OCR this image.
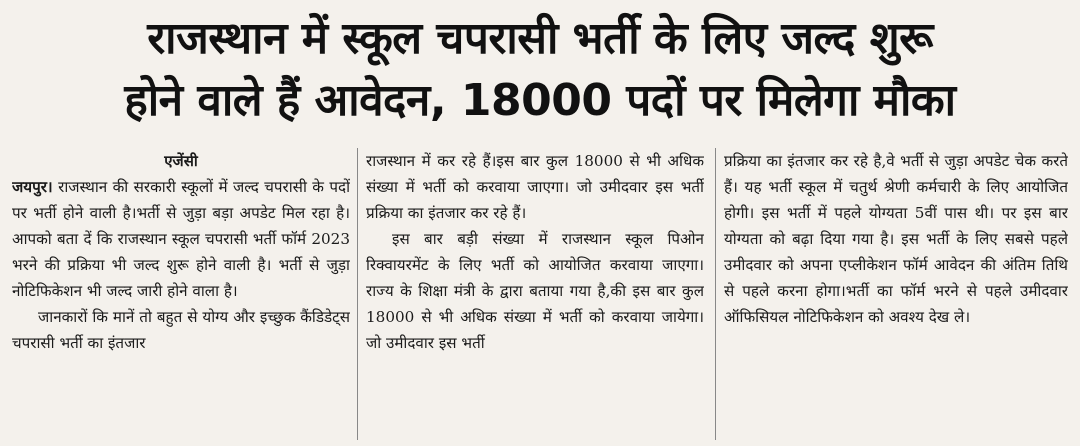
राजस्थान में स्कूल चपरासी भर्ती के लिए जल्द शुरू
होने वाले हैं आवेदन, 18000 पदों पर मिलेगा मौका

एजेंसी

जयपुर। राजस्थान की सरकारी स्कूलों में जल्द चपरासी के पदों पर भर्ती होने वाली है।भर्ती से जुड़ा बड़ा अपडेट मिल रहा है। आपको बता दें कि राजस्थान स्कूल चपरासी भर्ती फॉर्म 2023 भरने की प्रक्रिया भी जल्द शुरू होने वाली है। भर्ती से जुड़ा नोटिफिकेशन भी जल्द जारी होने वाला है।

जानकारों कि मानें तो बहुत से योग्य और इच्छुक कैंडिडेट्स चपरासी भर्ती का इंतजार

राजस्थान में कर रहे हैं।इस बार कुल 18000 से भी अधिक संख्या में भर्ती को करवाया जाएगा। जो उमीदवार इस भर्ती प्रक्रिया का इंतजार कर रहे हैं।

इस बार बड़ी संख्या में राजस्थान स्कूल पिओन रिक्वायरमेंट के लिए भर्ती को आयोजित करवाया जाएगा। राज्य के शिक्षा मंत्री के द्वारा बताया गया है,की इस बार कुल 18000 से भी अधिक संख्या में भर्ती को करवाया जायेगा। जो उमीदवार इस भर्ती

प्रक्रिया का इंतजार कर रहे है,वे भर्ती से जुड़ा अपडेट चेक करते हैं। यह भर्ती स्कूल में चतुर्थ श्रेणी कर्मचारी के लिए आयोजित होगी। इस भर्ती में पहले योग्यता 5वीं पास थी। पर इस बार योग्यता को बढ़ा दिया गया है। इस भर्ती के लिए सबसे पहले उमीदवार को अपना एप्लीकेशन फॉर्म आवेदन की अंतिम तिथि से पहले करना होगा।भर्ती का फॉर्म भरने से पहले उमीदवार ऑफिसियल नोटिफिकेशन को अवश्य देख ले।
